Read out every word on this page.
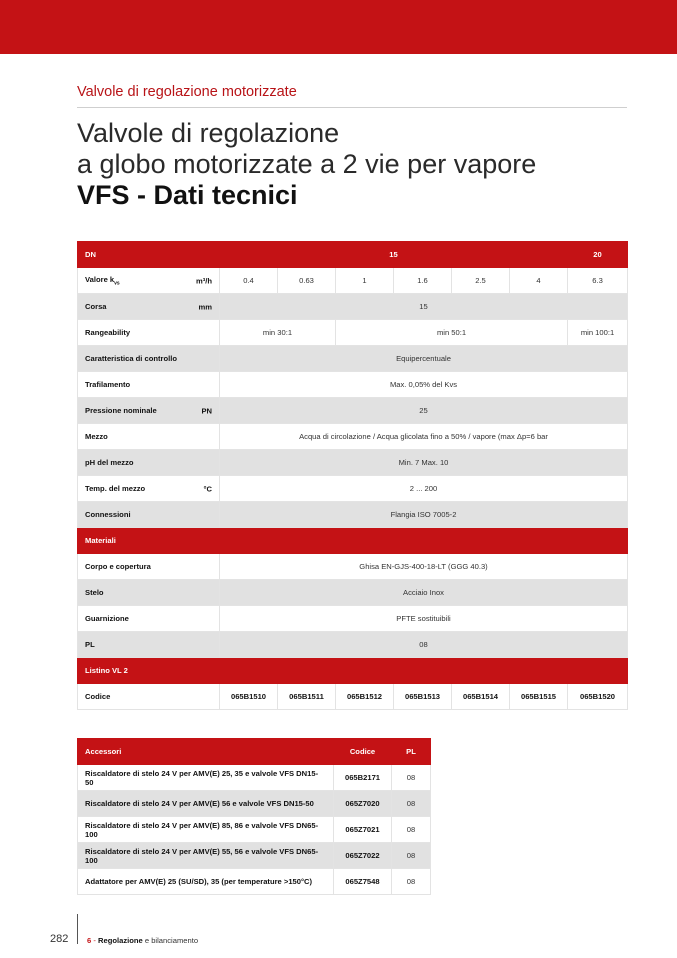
Valvole di regolazione motorizzate
Valvole di regolazione
a globo motorizzate a 2 vie per vapore
VFS - Dati tecnici
DN	15						20
Valore $k_{vs}$ m³/h	0.4	0.63	1	1.6	2.5	4	6.3
Corsa mm	15						
Rangeability	min 30:1		min 50:1				min 100:1
Caratteristica di controllo	Equipercentuale						
Trafilamento	Max. 0,05% del Kvs						
Pressione nominale PN	25						
Mezzo	Acqua di circolazione / Acqua glicolata fino a 50% / vapore (max Δp=6 bar						
pH del mezzo	Min. 7 Max. 10						
Temp. del mezzo °C	2 ... 200						
Connessioni	Flangia ISO 7005-2						
Materiali							
Corpo e copertura	Ghisa EN-GJS-400-18-LT (GGG 40.3)						
Stelo	Acciaio Inox						
Guarnizione	PFTE sostituibili						
PL	08						
Listino VL 2							
Codice	065B1510	065B1511	065B1512	065B1513	065B1514	065B1515	065B1520
Accessori	Codice	PL
Riscaldatore di stelo 24 V per AMV(E) 25, 35 e valvole VFS DN15-50	065B2171	08
Riscaldatore di stelo 24 V per AMV(E) 56 e valvole VFS DN15-50	065Z7020	08
Riscaldatore di stelo 24 V per AMV(E) 85, 86 e valvole VFS DN65-100	065Z7021	08
Riscaldatore di stelo 24 V per AMV(E) 55, 56 e valvole VFS DN65-100	065Z7022	08
Adattatore per AMV(E) 25 (SU/SD), 35 (per temperature >150°C)	065Z7548	08
282 6 - Regolazione e bilanciamento
